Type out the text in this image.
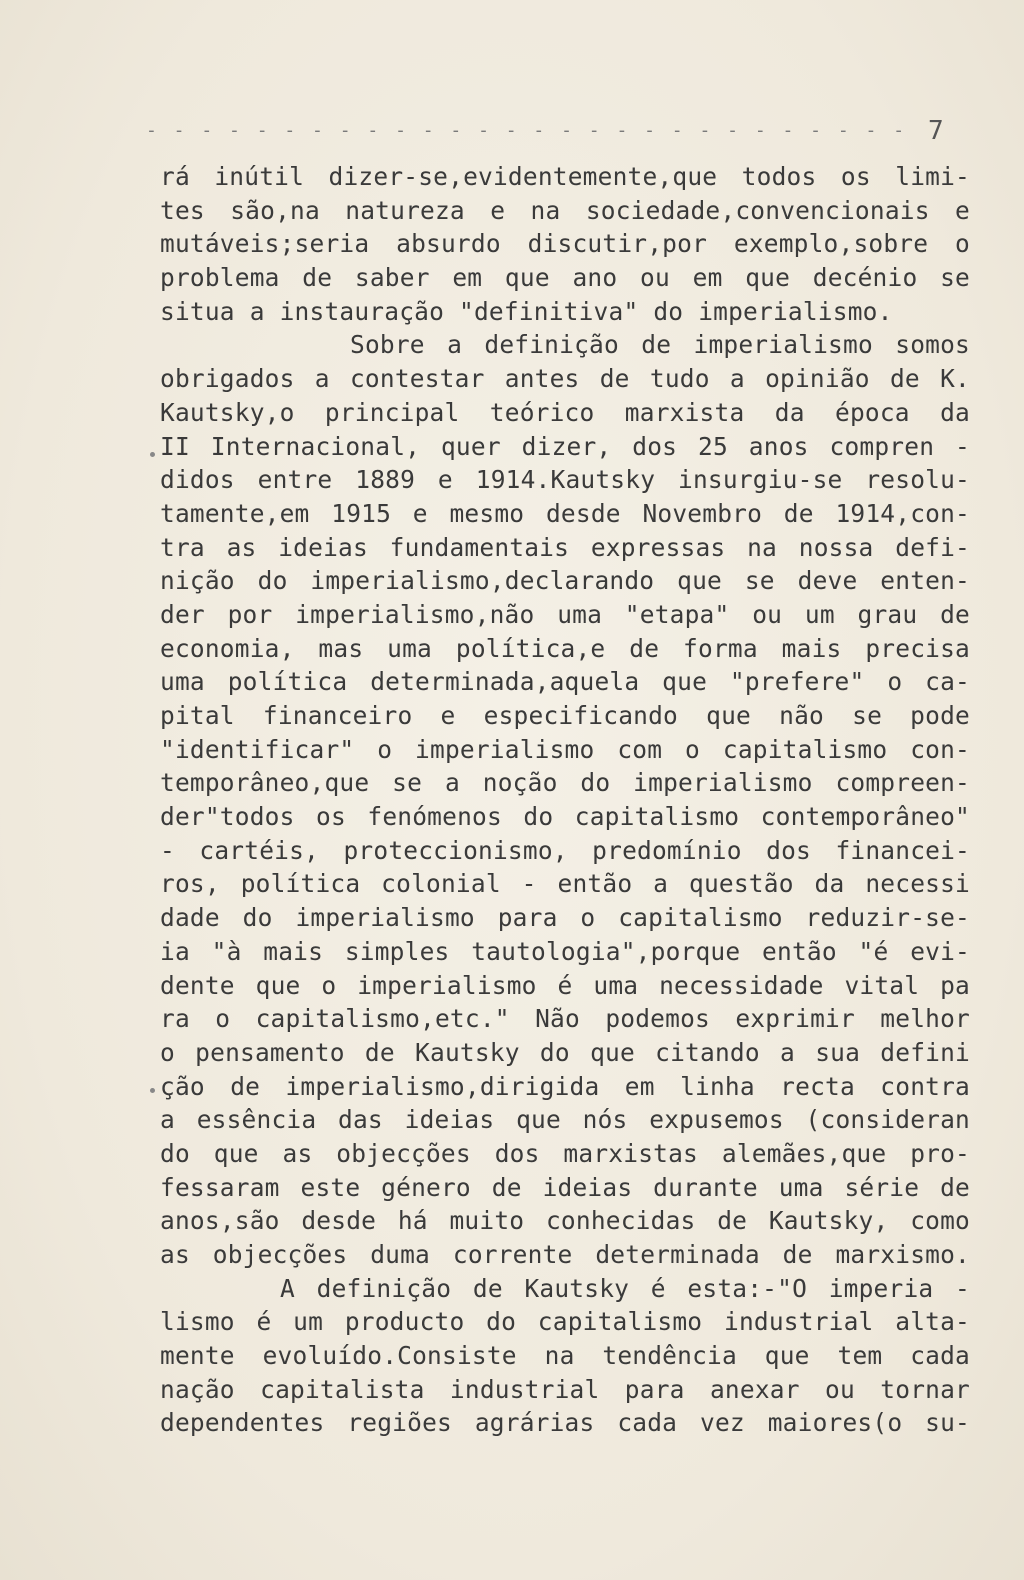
- - - - - - - - - - - - - - - - - - - - - - - - - - - - 7
rá inútil dizer-se,evidentemente,que todos os limi-
tes são,na natureza e na sociedade,convencionais e
mutáveis;seria absurdo discutir,por exemplo,sobre o
problema de saber em que ano ou em que decénio se
situa a instauração "definitiva" do imperialismo.
Sobre a definição de imperialismo somos
obrigados a contestar antes de tudo a opinião de K.
Kautsky,o principal teórico marxista da época da
II Internacional, quer dizer, dos 25 anos compren -
didos entre 1889 e 1914.Kautsky insurgiu-se resolu-
tamente,em 1915 e mesmo desde Novembro de 1914,con-
tra as ideias fundamentais expressas na nossa defi-
nição do imperialismo,declarando que se deve enten-
der por imperialismo,não uma "etapa" ou um grau de
economia, mas uma política,e de forma mais precisa
uma política determinada,aquela que "prefere" o ca-
pital financeiro e especificando que não se pode
"identificar" o imperialismo com o capitalismo con-
temporâneo,que se a noção do imperialismo compreen-
der"todos os fenómenos do capitalismo contemporâneo"
- cartéis, proteccionismo, predomínio dos financei-
ros, política colonial - então a questão da necessi
dade do imperialismo para o capitalismo reduzir-se-
ia "à mais simples tautologia",porque então "é evi-
dente que o imperialismo é uma necessidade vital pa
ra o capitalismo,etc." Não podemos exprimir melhor
o pensamento de Kautsky do que citando a sua defini
ção de imperialismo,dirigida em linha recta contra
a essência das ideias que nós expusemos (consideran
do que as objecções dos marxistas alemães,que pro-
fessaram este género de ideias durante uma série de
anos,são desde há muito conhecidas de Kautsky, como
as objecções duma corrente determinada de marxismo.
A definição de Kautsky é esta:-"O imperia -
lismo é um producto do capitalismo industrial alta-
mente evoluído.Consiste na tendência que tem cada
nação capitalista industrial para anexar ou tornar
dependentes regiões agrárias cada vez maiores(o su-
